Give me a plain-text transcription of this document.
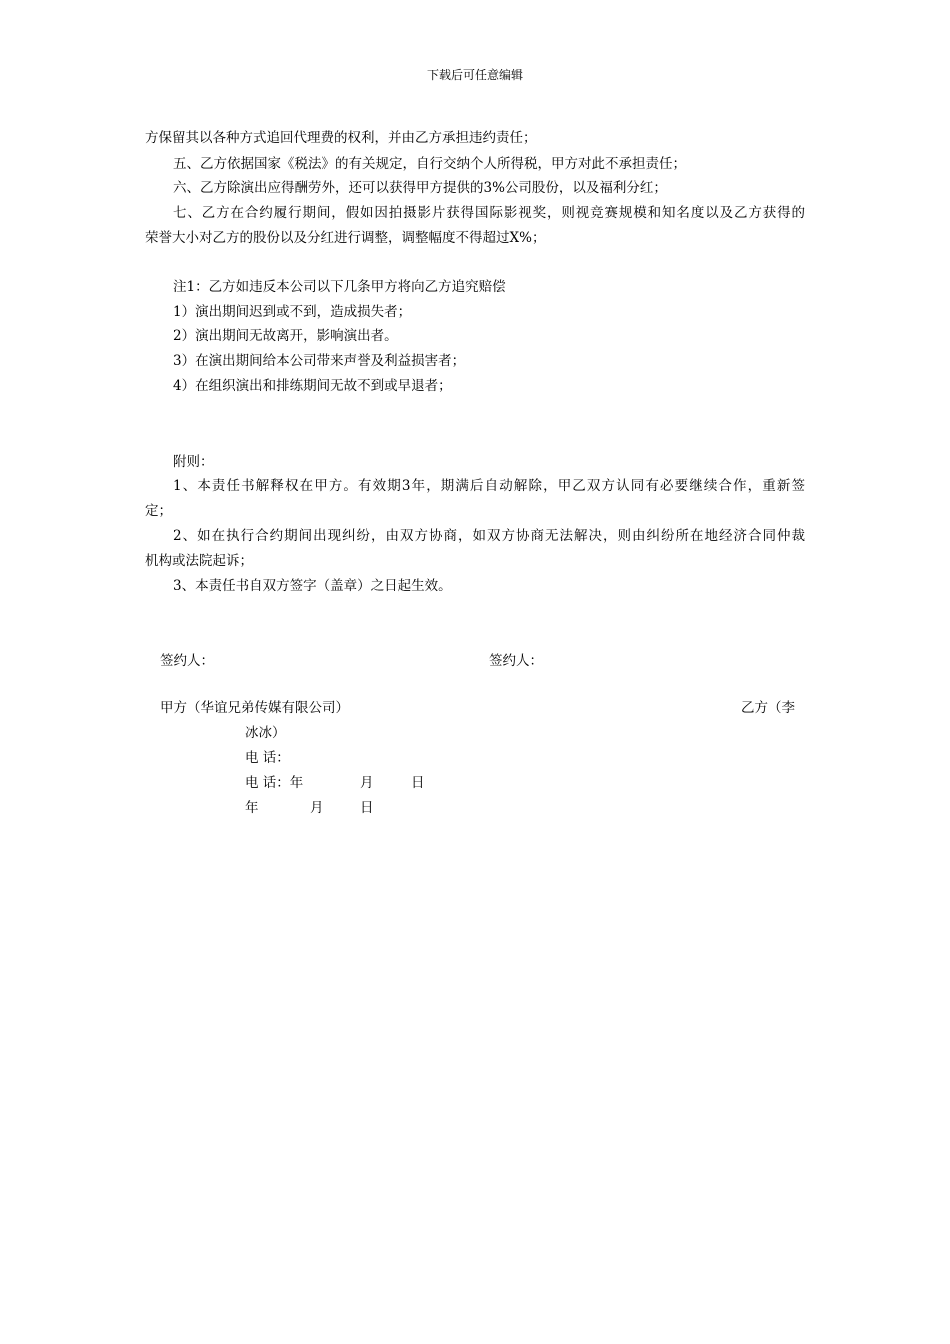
下载后可任意编辑
方保留其以各种方式追回代理费的权利，并由乙方承担违约责任；
五、乙方依据国家《税法》的有关规定，自行交纳个人所得税，甲方对此不承担责任；
六、乙方除演出应得酬劳外，还可以获得甲方提供的3%公司股份，以及福利分红；
七、乙方在合约履行期间，假如因拍摄影片获得国际影视奖，则视竞赛规模和知名度以及乙方获得的
荣誉大小对乙方的股份以及分红进行调整，调整幅度不得超过X%；
注1：乙方如违反本公司以下几条甲方将向乙方追究赔偿
1）演出期间迟到或不到，造成损失者；
2）演出期间无故离开，影响演出者。
3）在演出期间给本公司带来声誉及利益损害者；
4）在组织演出和排练期间无故不到或早退者；
附则：
1、本责任书解释权在甲方。有效期3年，期满后自动解除，甲乙双方认同有必要继续合作，重新签
定；
2、如在执行合约期间出现纠纷，由双方协商，如双方协商无法解决，则由纠纷所在地经济合同仲裁
机构或法院起诉；
3、本责任书自双方签字（盖章）之日起生效。
签约人：	签约人：
甲方（华谊兄弟传媒有限公司）	乙方（李
冰冰）
电 话：
电 话：年	月	日
年	月	日
